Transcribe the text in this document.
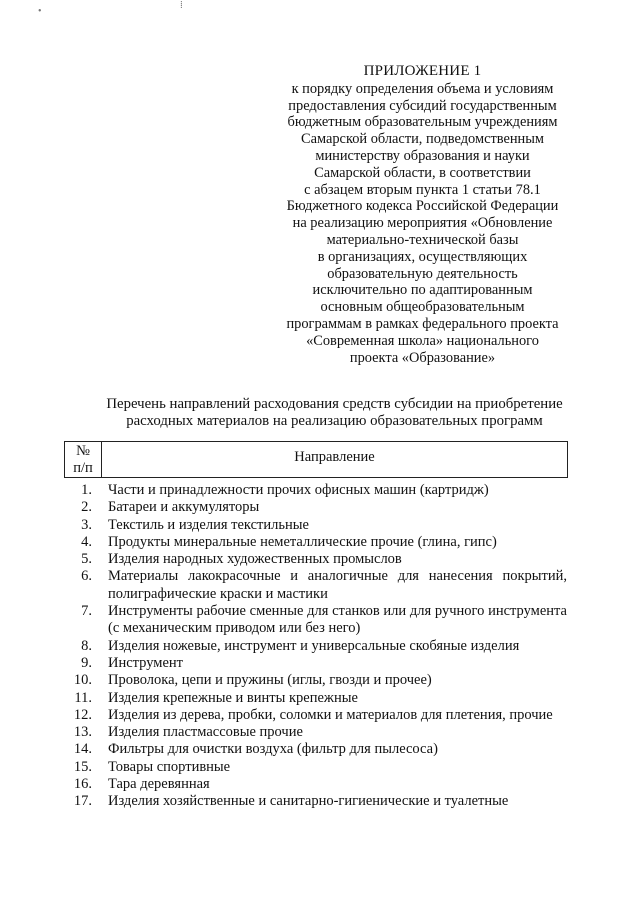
•
⁞
ПРИЛОЖЕНИЕ 1
к порядку определения объема и условиям
предоставления субсидий государственным
бюджетным образовательным учреждениям
Самарской области, подведомственным
министерству образования и науки
Самарской области, в соответствии
с абзацем вторым пункта 1 статьи 78.1
Бюджетного кодекса Российской Федерации
на реализацию мероприятия «Обновление
материально-технической базы
в организациях, осуществляющих
образовательную деятельность
исключительно по адаптированным
основным общеобразовательным
программам в рамках федерального проекта
«Современная школа» национального
проекта «Образование»
Перечень направлений расходования средств субсидии на приобретение
расходных материалов на реализацию образовательных программ
№
п/п
	Направление
1.	Части и принадлежности прочих офисных машин (картридж)
2.	Батареи и аккумуляторы
3.	Текстиль и изделия текстильные
4.	Продукты минеральные неметаллические прочие (глина, гипс)
5.	Изделия народных художественных промыслов
6.	Материалы лакокрасочные и аналогичные для нанесения покрытий, полиграфические краски и мастики
7.	Инструменты рабочие сменные для станков или для ручного инструмента (с механическим приводом или без него)
8.	Изделия ножевые, инструмент и универсальные скобяные изделия
9.	Инструмент
10.	Проволока, цепи и пружины (иглы, гвозди и прочее)
11.	Изделия крепежные и винты крепежные
12.	Изделия из дерева, пробки, соломки и материалов для плетения, прочие
13.	Изделия пластмассовые прочие
14.	Фильтры для очистки воздуха (фильтр для пылесоса)
15.	Товары спортивные
16.	Тара деревянная
17.	Изделия хозяйственные и санитарно-гигиенические и туалетные
